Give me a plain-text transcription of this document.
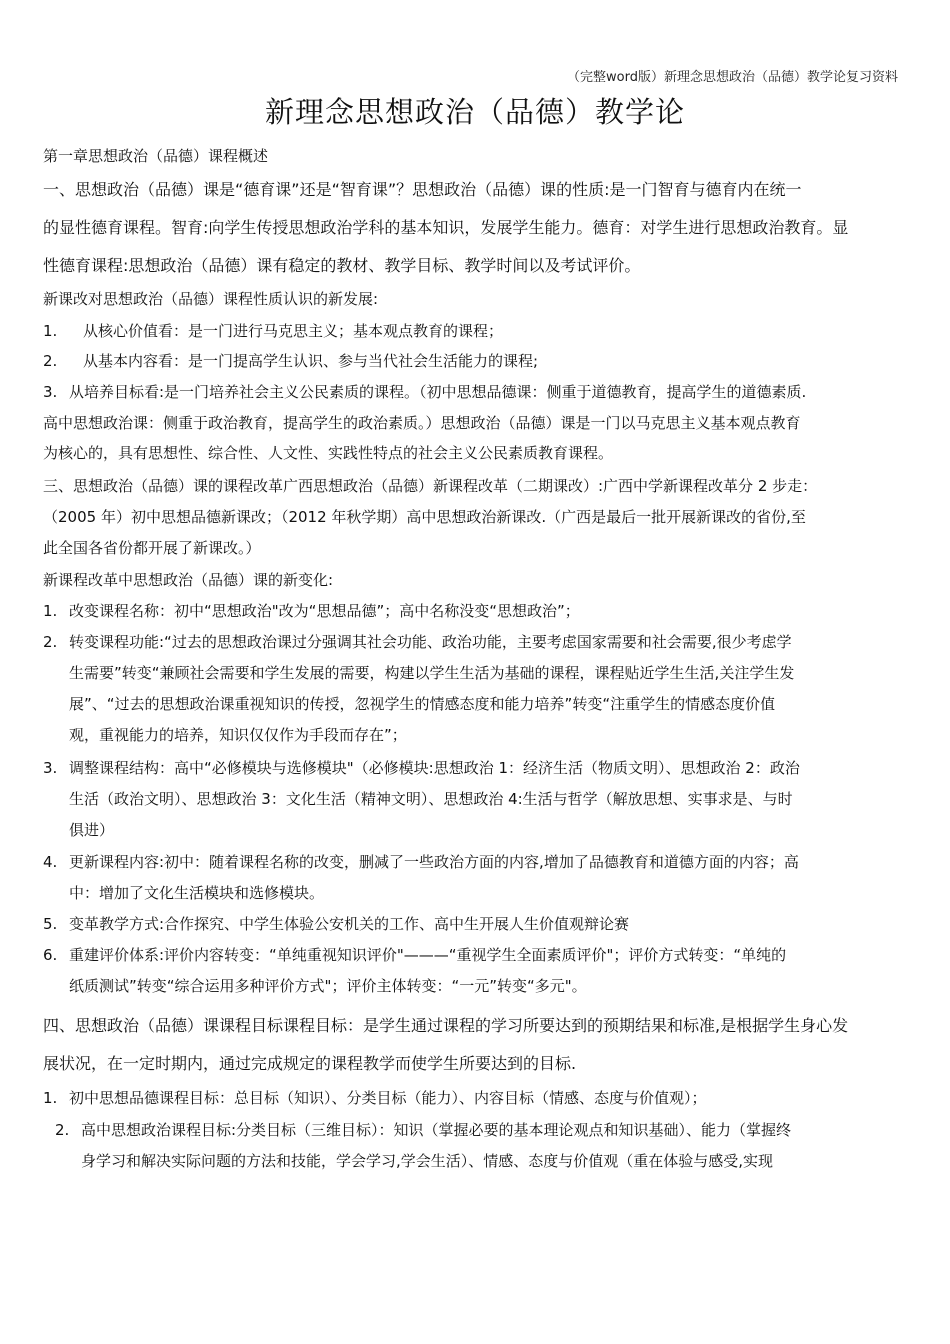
（完整word版）新理念思想政治（品德）教学论复习资料
新理念思想政治（品德）教学论
第一章思想政治（品德）课程概述
一、思想政治（品德）课是“德育课”还是“智育课”？思想政治（品德）课的性质:是一门智育与德育内在统一
的显性德育课程。智育:向学生传授思想政治学科的基本知识，发展学生能力。德育：对学生进行思想政治教育。显
性德育课程:思想政治（品德）课有稳定的教材、教学目标、教学时间以及考试评价。
新课改对思想政治（品德）课程性质认识的新发展:
1. 从核心价值看：是一门进行马克思主义；基本观点教育的课程；
2. 从基本内容看：是一门提高学生认识、参与当代社会生活能力的课程;
3. 从培养目标看:是一门培养社会主义公民素质的课程。（初中思想品德课：侧重于道德教育，提高学生的道德素质.
高中思想政治课：侧重于政治教育，提高学生的政治素质。）思想政治（品德）课是一门以马克思主义基本观点教育
为核心的，具有思想性、综合性、人文性、实践性特点的社会主义公民素质教育课程。
三、思想政治（品德）课的课程改革广西思想政治（品德）新课程改革（二期课改）:广西中学新课程改革分 2 步走：
（2005 年）初中思想品德新课改；（2012 年秋学期）高中思想政治新课改.（广西是最后一批开展新课改的省份,至
此全国各省份都开展了新课改。）
新课程改革中思想政治（品德）课的新变化:
1. 改变课程名称：初中“思想政治"改为“思想品德”；高中名称没变“思想政治”；
2. 转变课程功能:“过去的思想政治课过分强调其社会功能、政治功能，主要考虑国家需要和社会需要,很少考虑学
生需要”转变“兼顾社会需要和学生发展的需要，构建以学生生活为基础的课程，课程贴近学生生活,关注学生发
展”、“过去的思想政治课重视知识的传授，忽视学生的情感态度和能力培养”转变“注重学生的情感态度价值
观，重视能力的培养，知识仅仅作为手段而存在”；
3. 调整课程结构：高中“必修模块与选修模块"（必修模块:思想政治 1：经济生活（物质文明）、思想政治 2：政治
生活（政治文明）、思想政治 3：文化生活（精神文明）、思想政治 4:生活与哲学（解放思想、实事求是、与时
俱进）
4. 更新课程内容:初中：随着课程名称的改变，删减了一些政治方面的内容,增加了品德教育和道德方面的内容；高
中：增加了文化生活模块和选修模块。
5. 变革教学方式:合作探究、中学生体验公安机关的工作、高中生开展人生价值观辩论赛
6. 重建评价体系:评价内容转变：“单纯重视知识评价"———“重视学生全面素质评价"；评价方式转变：“单纯的
纸质测试”转变“综合运用多种评价方式"；评价主体转变：“一元”转变“多元"。
四、思想政治（品德）课课程目标课程目标：是学生通过课程的学习所要达到的预期结果和标准,是根据学生身心发
展状况，在一定时期内，通过完成规定的课程教学而使学生所要达到的目标.
1. 初中思想品德课程目标：总目标（知识）、分类目标（能力）、内容目标（情感、态度与价值观）；
2. 高中思想政治课程目标:分类目标（三维目标）：知识（掌握必要的基本理论观点和知识基础）、能力（掌握终
身学习和解决实际问题的方法和技能，学会学习,学会生活）、情感、态度与价值观（重在体验与感受,实现
